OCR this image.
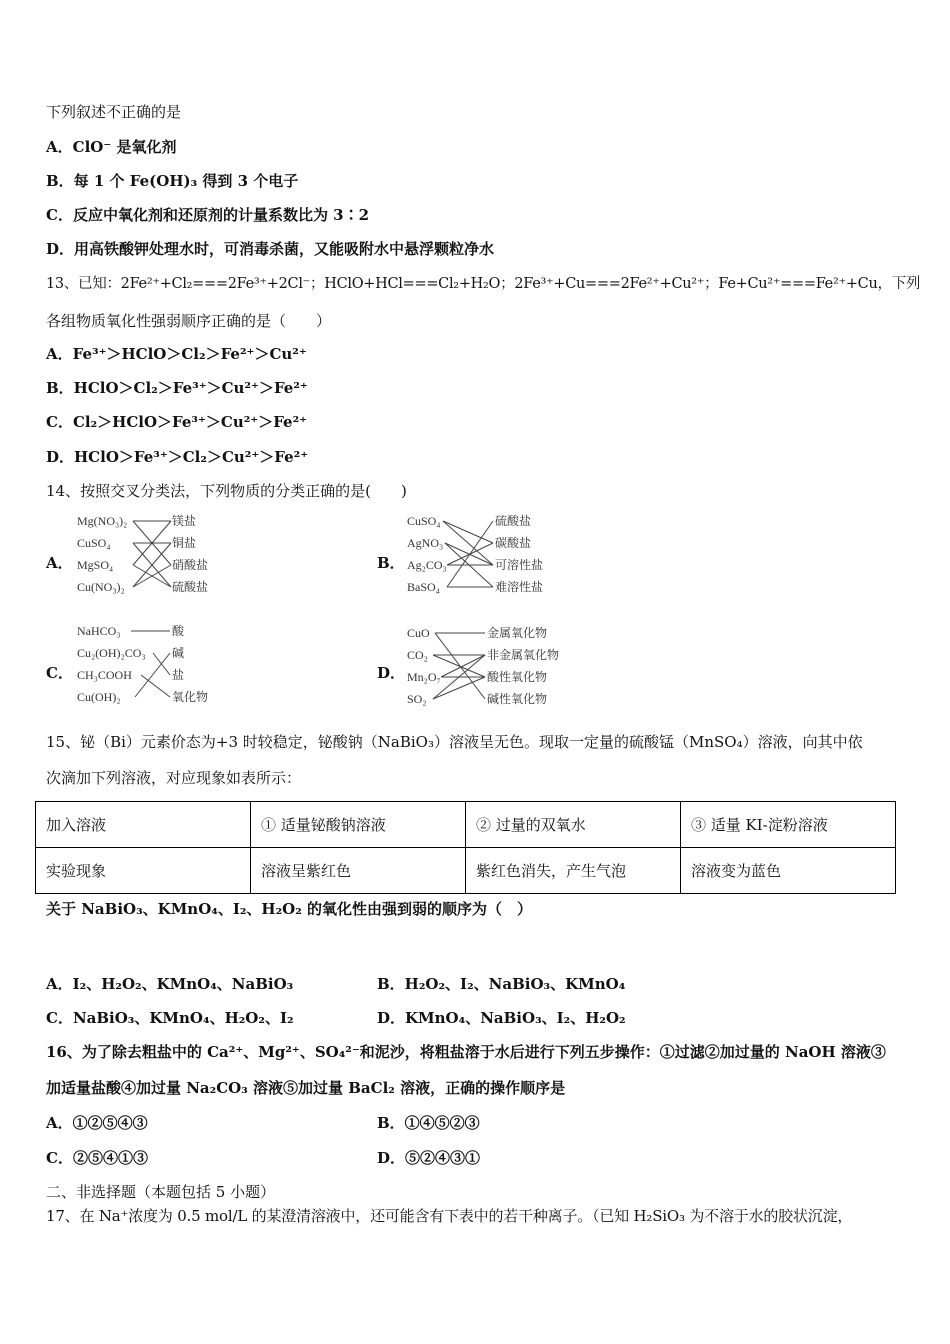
下列叙述不正确的是
A．ClO⁻ 是氧化剂
B．每 1 个 Fe(OH)₃ 得到 3 个电子
C．反应中氧化剂和还原剂的计量系数比为 3∶2
D．用高铁酸钾处理水时，可消毒杀菌，又能吸附水中悬浮颗粒净水
13、已知：2Fe²⁺+Cl₂===2Fe³⁺+2Cl⁻；HClO+HCl===Cl₂+H₂O；2Fe³⁺+Cu===2Fe²⁺+Cu²⁺；Fe+Cu²⁺===Fe²⁺+Cu，下列
各组物质氧化性强弱顺序正确的是（　　）
A．Fe³⁺＞HClO＞Cl₂＞Fe²⁺＞Cu²⁺
B．HClO＞Cl₂＞Fe³⁺＞Cu²⁺＞Fe²⁺
C．Cl₂＞HClO＞Fe³⁺＞Cu²⁺＞Fe²⁺
D．HClO＞Fe³⁺＞Cl₂＞Cu²⁺＞Fe²⁺
14、按照交叉分类法，下列物质的分类正确的是(　　)
A．
Mg(NO₃)₂
CuSO₄
MgSO₄
Cu(NO₃)₂
镁盐
铜盐
硝酸盐
硫酸盐
B．
CuSO₄
AgNO₃
Ag₂CO₃
BaSO₄
硫酸盐
碳酸盐
可溶性盐
难溶性盐
C．
NaHCO₃
Cu₂(OH)₂CO₃
CH₃COOH
Cu(OH)₂
酸
碱
盐
氧化物
D．
CuO
CO₂
Mn₂O₇
SO₂
金属氧化物
非金属氧化物
酸性氧化物
碱性氧化物
15、铋（Bi）元素价态为+3 时较稳定，铋酸钠（NaBiO₃）溶液呈无色。现取一定量的硫酸锰（MnSO₄）溶液，向其中依
次滴加下列溶液，对应现象如表所示：
加入溶液	① 适量铋酸钠溶液	② 过量的双氧水	③ 适量 KI-淀粉溶液
实验现象	溶液呈紫红色	紫红色消失，产生气泡	溶液变为蓝色
关于 NaBiO₃、KMnO₄、I₂、H₂O₂ 的氧化性由强到弱的顺序为（　）
A．I₂、H₂O₂、KMnO₄、NaBiO₃	B．H₂O₂、I₂、NaBiO₃、KMnO₄
C．NaBiO₃、KMnO₄、H₂O₂、I₂	D．KMnO₄、NaBiO₃、I₂、H₂O₂
16、为了除去粗盐中的 Ca²⁺、Mg²⁺、SO₄²⁻和泥沙，将粗盐溶于水后进行下列五步操作：①过滤②加过量的 NaOH 溶液③
加适量盐酸④加过量 Na₂CO₃ 溶液⑤加过量 BaCl₂ 溶液，正确的操作顺序是
A．①②⑤④③	B．①④⑤②③
C．②⑤④①③	D．⑤②④③①
二、非选择题（本题包括 5 小题）
17、在 Na⁺浓度为 0.5 mol/L 的某澄清溶液中，还可能含有下表中的若干种离子。（已知 H₂SiO₃ 为不溶于水的胶状沉淀，
